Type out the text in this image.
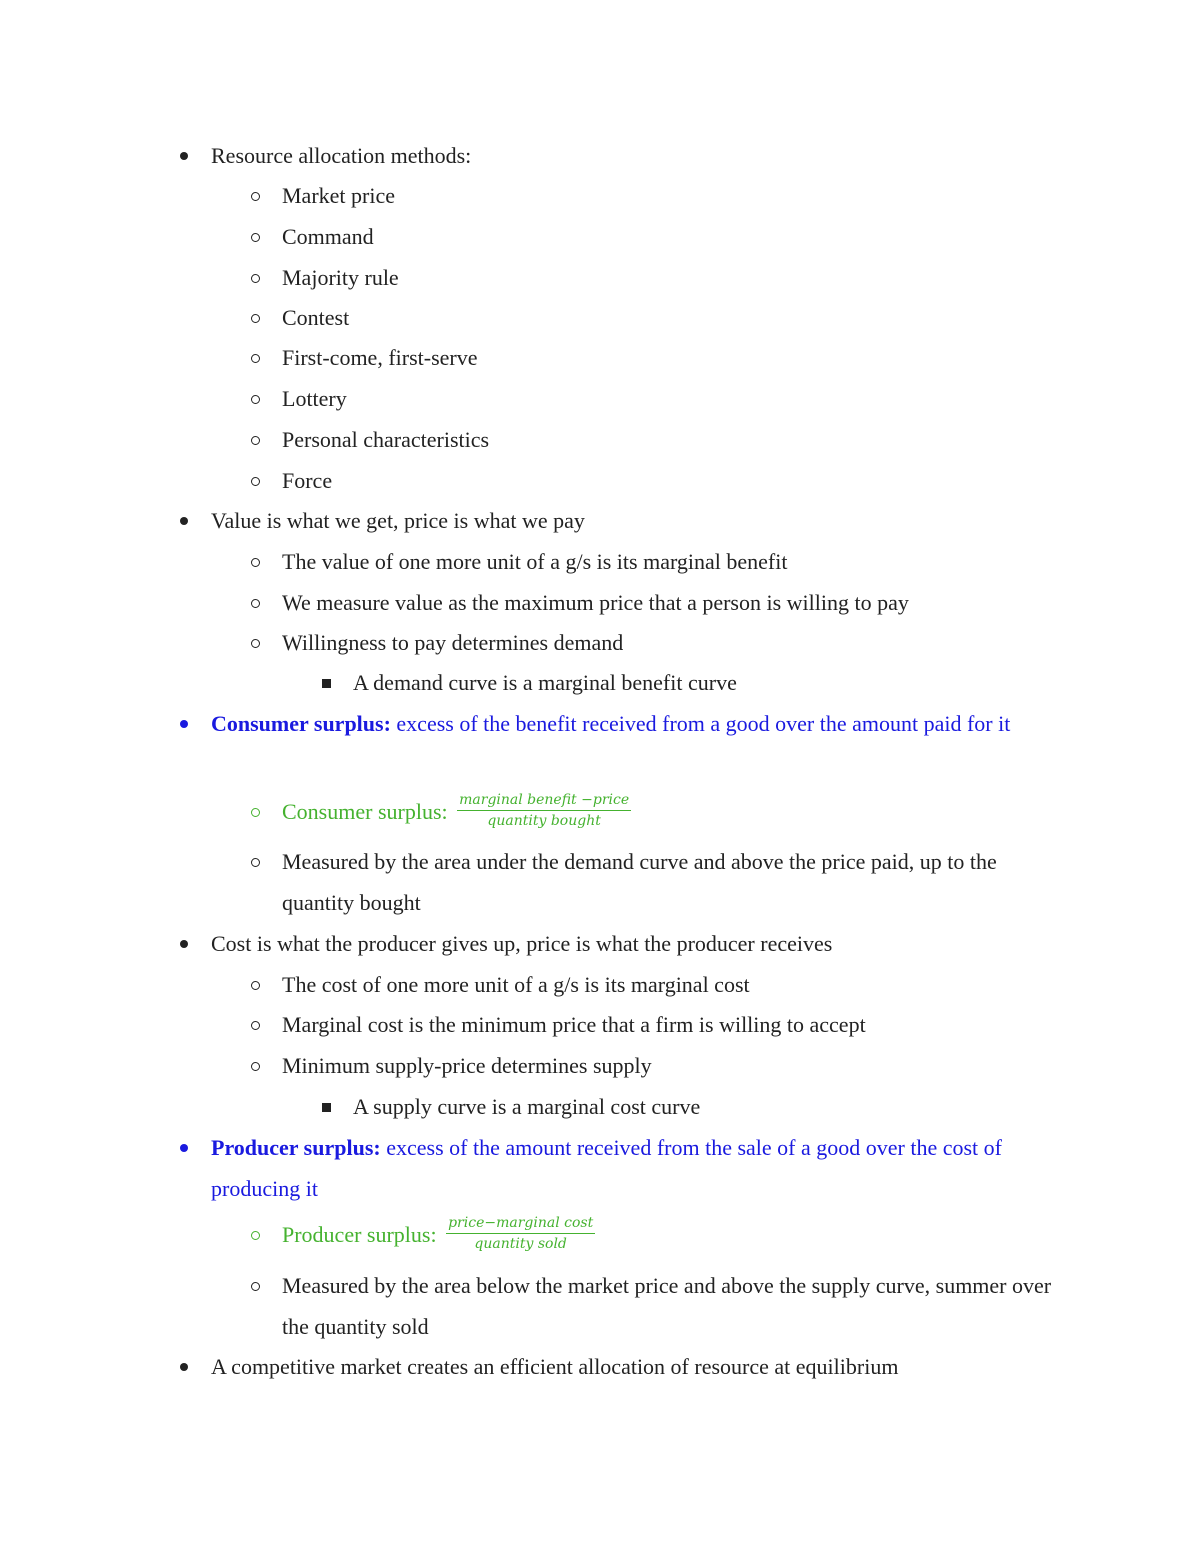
Resource allocation methods:
Market price
Command
Majority rule
Contest
First-come, first-serve
Lottery
Personal characteristics
Force
Value is what we get, price is what we pay
The value of one more unit of a g/s is its marginal benefit
We measure value as the maximum price that a person is willing to pay
Willingness to pay determines demand
A demand curve is a marginal benefit curve
Consumer surplus: excess of the benefit received from a good over the amount paid for it
Consumer surplus: $\frac{\text{marginal benefit −price}}{\text{quantity bought}}$
Measured by the area under the demand curve and above the price paid, up to the quantity bought
Cost is what the producer gives up, price is what the producer receives
The cost of one more unit of a g/s is its marginal cost
Marginal cost is the minimum price that a firm is willing to accept
Minimum supply-price determines supply
A supply curve is a marginal cost curve
Producer surplus: excess of the amount received from the sale of a good over the cost of producing it
Producer surplus: $\frac{\text{price−marginal cost}}{\text{quantity sold}}$
Measured by the area below the market price and above the supply curve, summer over the quantity sold
A competitive market creates an efficient allocation of resource at equilibrium
